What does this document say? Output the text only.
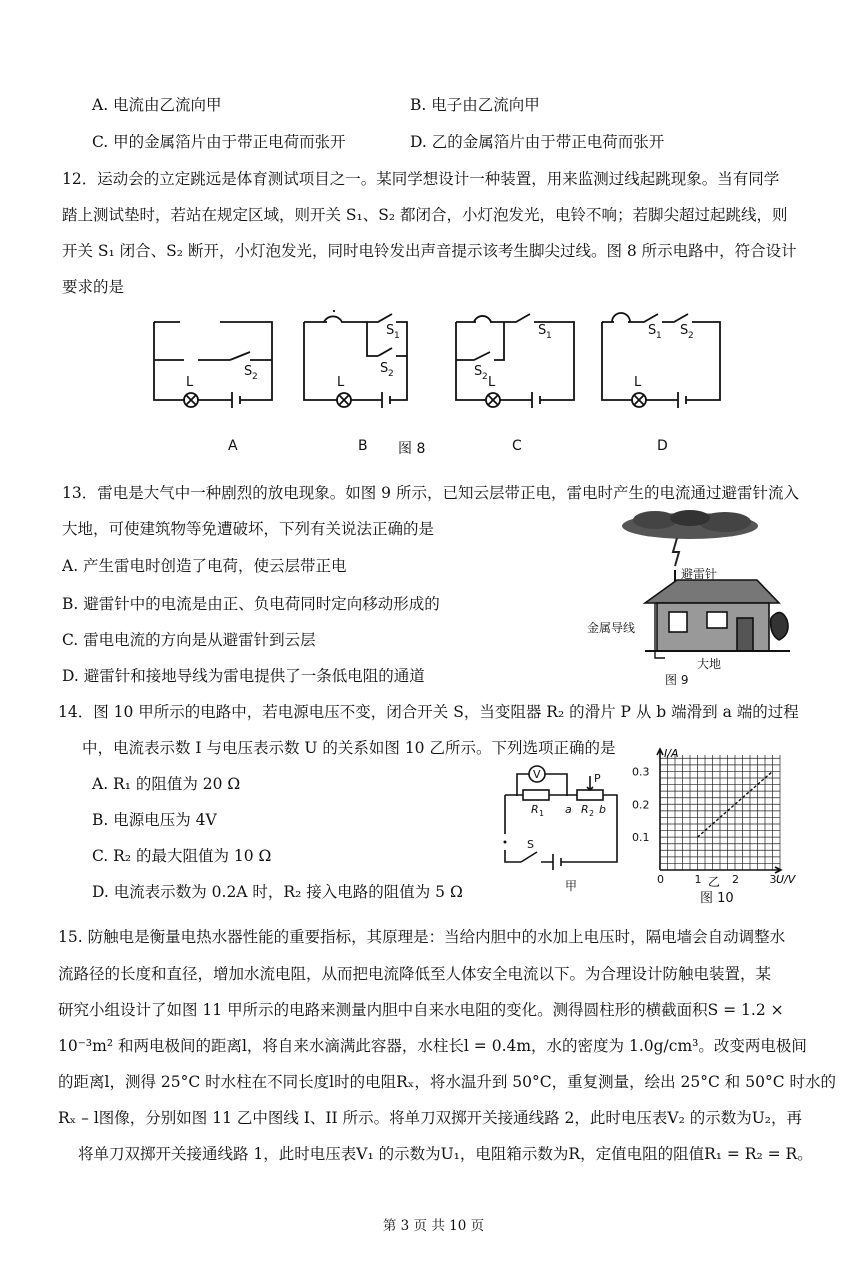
A. 电流由乙流向甲	B. 电子由乙流向甲
C. 甲的金属箔片由于带正电荷而张开	D. 乙的金属箔片由于带正电荷而张开
12．运动会的立定跳远是体育测试项目之一。某同学想设计一种装置，用来监测过线起跳现象。当有同学
踏上测试垫时，若站在规定区域，则开关 S₁、S₂ 都闭合，小灯泡发光，电铃不响；若脚尖超过起跳线，则
开关 S₁ 闭合、S₂ 断开，小灯泡发光，同时电铃发出声音提示该考生脚尖过线。图 8 所示电路中，符合设计
要求的是
L
S 2	L
S 1
S 2
L
S 1
S 2	L
S 1 S 2
A	B 图 8	C	D
13．雷电是大气中一种剧烈的放电现象。如图 9 所示，已知云层带正电，雷电时产生的电流通过避雷针流入
大地，可使建筑物等免遭破坏，下列有关说法正确的是
A. 产生雷电时创造了电荷，使云层带正电
B. 避雷针中的电流是由正、负电荷同时定向移动形成的
C. 雷电电流的方向是从避雷针到云层
D. 避雷针和接地导线为雷电提供了一条低电阻的通道
避雷针
金属导线
大地
图 9
14．图 10 甲所示的电路中，若电源电压不变，闭合开关 S，当变阻器 R₂ 的滑片 P 从 b 端滑到 a 端的过程
中，电流表示数 I 与电压表示数 U 的关系如图 10 乙所示。下列选项正确的是
A. R₁ 的阻值为 20 Ω
B. 电源电压为 4V
C. R₂ 的最大阻值为 10 Ω
D. 电流表示数为 0.2A 时，R₂ 接入电路的阻值为 5 Ω
V	P
R 1 a R 2 b
S
甲
图 10
0	1	2	3
0.1
0.2
0.3
I/A
U/V
乙
15. 防触电是衡量电热水器性能的重要指标，其原理是：当给内胆中的水加上电压时，隔电墙会自动调整水
流路径的长度和直径，增加水流电阻，从而把电流降低至人体安全电流以下。为合理设计防触电装置，某
研究小组设计了如图 11 甲所示的电路来测量内胆中自来水电阻的变化。测得圆柱形的横截面积S = 1.2 ×
10⁻³m² 和两电极间的距离l，将自来水滴满此容器，水柱长l = 0.4m，水的密度为 1.0g/cm³。改变两电极间
的距离l，测得 25°C 时水柱在不同长度l时的电阻Rₓ，将水温升到 50°C，重复测量，绘出 25°C 和 50°C 时水的
Rₓ – l图像，分别如图 11 乙中图线 I、II 所示。将单刀双掷开关接通线路 2，此时电压表V₂ 的示数为U₂，再
将单刀双掷开关接通线路 1，此时电压表V₁ 的示数为U₁，电阻箱示数为R，定值电阻的阻值R₁ = R₂ = R。
第 3 页 共 10 页
